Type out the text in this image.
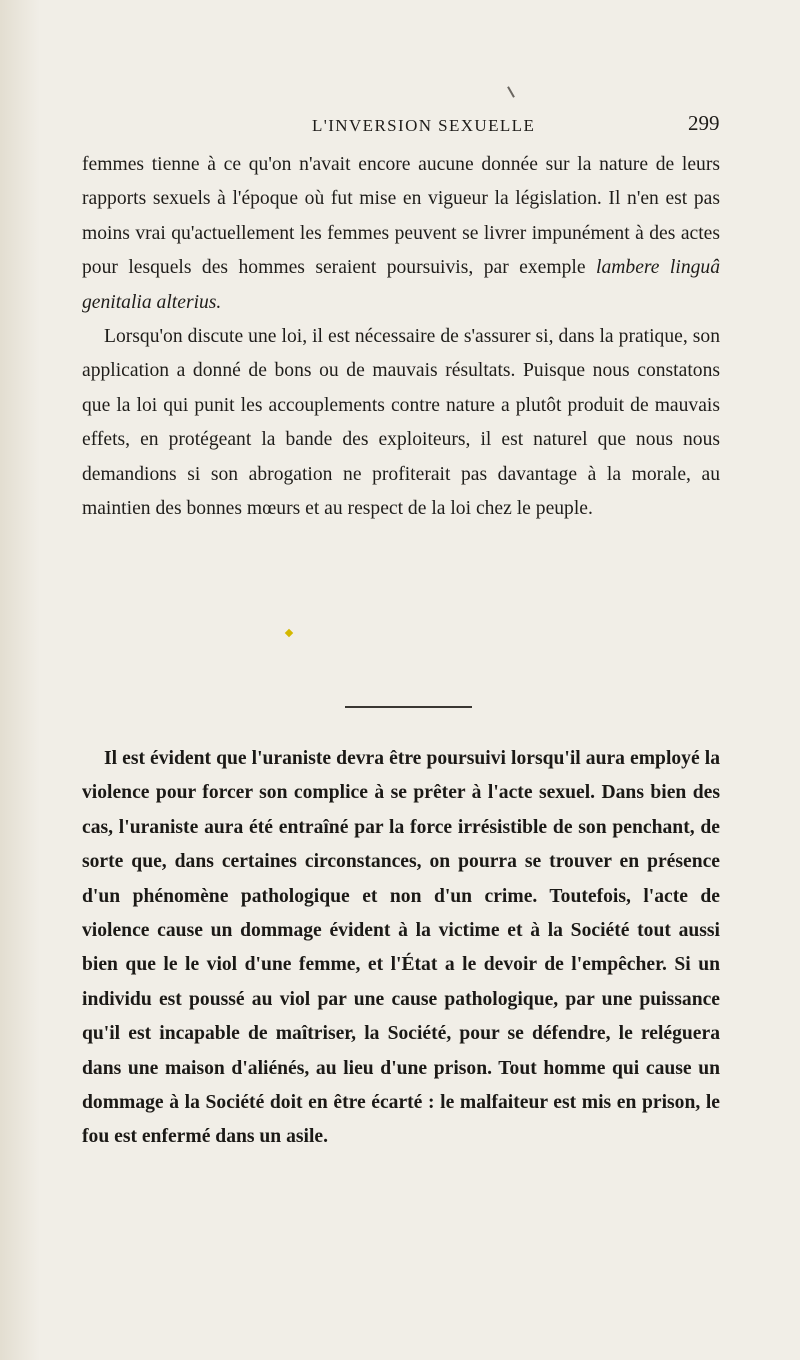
L'INVERSION SEXUELLE	299

femmes tienne à ce qu'on n'avait encore aucune donnée sur la nature de leurs rapports sexuels à l'époque où fut mise en vigueur la législation. Il n'en est pas moins vrai qu'actuellement les femmes peuvent se livrer impunément à des actes pour lesquels des hommes seraient poursuivis, par exemple lambere linguâ genitalia alterius.

Lorsqu'on discute une loi, il est nécessaire de s'assurer si, dans la pratique, son application a donné de bons ou de mauvais résultats. Puisque nous constatons que la loi qui punit les accouplements contre nature a plutôt produit de mauvais effets, en protégeant la bande des exploiteurs, il est naturel que nous nous demandions si son abrogation ne profiterait pas davantage à la morale, au maintien des bonnes mœurs et au respect de la loi chez le peuple.

Il est évident que l'uraniste devra être poursuivi lorsqu'il aura employé la violence pour forcer son complice à se prêter à l'acte sexuel. Dans bien des cas, l'uraniste aura été entraîné par la force irrésistible de son penchant, de sorte que, dans certaines circonstances, on pourra se trouver en présence d'un phénomène pathologique et non d'un crime. Toutefois, l'acte de violence cause un dommage évident à la victime et à la Société tout aussi bien que le le viol d'une femme, et l'État a le devoir de l'empêcher. Si un individu est poussé au viol par une cause pathologique, par une puissance qu'il est incapable de maîtriser, la Société, pour se défendre, le reléguera dans une maison d'aliénés, au lieu d'une prison. Tout homme qui cause un dommage à la Société doit en être écarté : le malfaiteur est mis en prison, le fou est enfermé dans un asile.
